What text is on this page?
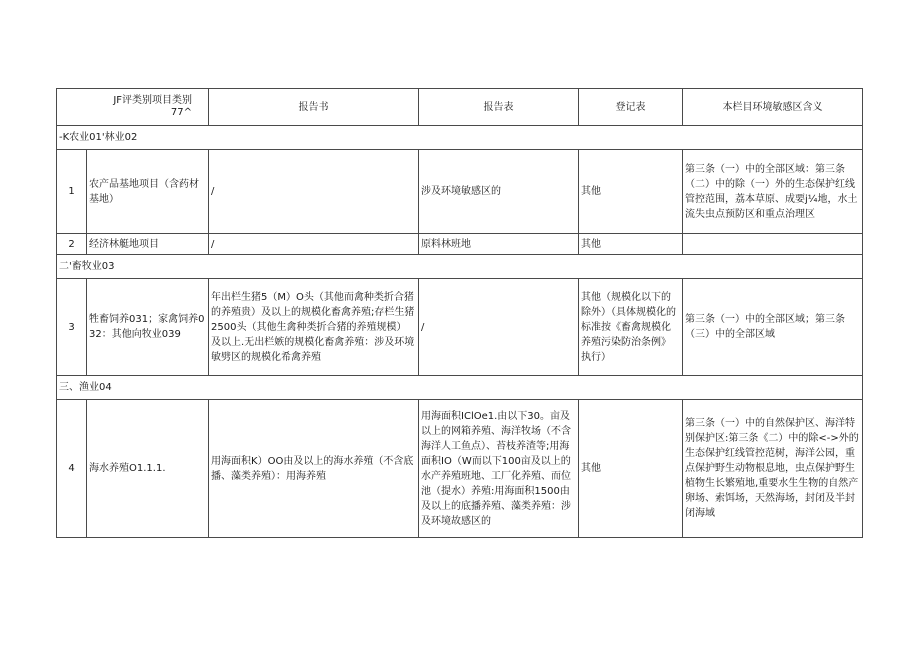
JF评类别项目类别
77^		报告书	报告表	登记表	本栏目环境敏感区含义
-K农业01'林业02					
1	农产品基地项目（含药材基地）	/	涉及环境敏感区的	其他	第三条（一）中的全部区域：第三条（二）中的除（一）外的生态保护红线管控范围，荔本草原、成要j¼地，水土流失虫点预防区和重点治理区
2	经济林艇地项目	/	原料林班地	其他	
二'畜牧业03					
3	牲畜饲养031；家禽饲养032：其他向牧业039	年出栏生猪5（M）O头（其他而禽种类折合猪的养殖贵）及以上的规模化畜禽养殖;存栏生猪2500头（其他生禽种类折合猪的养殖规模）及以上.无出栏嫉的规模化畜禽养殖：涉及环境敏劈区的规模化希禽养殖	/	其他（规模化以下的除外）（具体规模化的标准按《畜禽规模化养殖污染防治条例》执行）	第三条（一）中的全部区域；第三条（三）中的全部区域
三、渔业04					
4	海水养殖O1.1.1.	用海面积K）OO由及以上的海水养殖（不含底播、藻类养殖）：用海养殖	用海面积IClOe1.由以下30。亩及以上的网箱养殖、海洋牧场（不含海洋人工鱼点）、苔枝养渣等;用海面积IO（W而以下100亩及以上的水产养殖班地、工厂化养殖、而位池（提水）养殖:用海面积1500由及以上的底播养殖、藻类养殖：涉及环境故感区的	其他	第三条（一）中的自然保护区、海洋特别保护区:第三条《二）中的除<->外的生态保护红线管控范树，海洋公园，重点保护野生动物根息地，虫点保护野生植物生长繁殖地,重要水生生物的自然产卵场、索饵场，天然海场，封闭及半封闭海域
